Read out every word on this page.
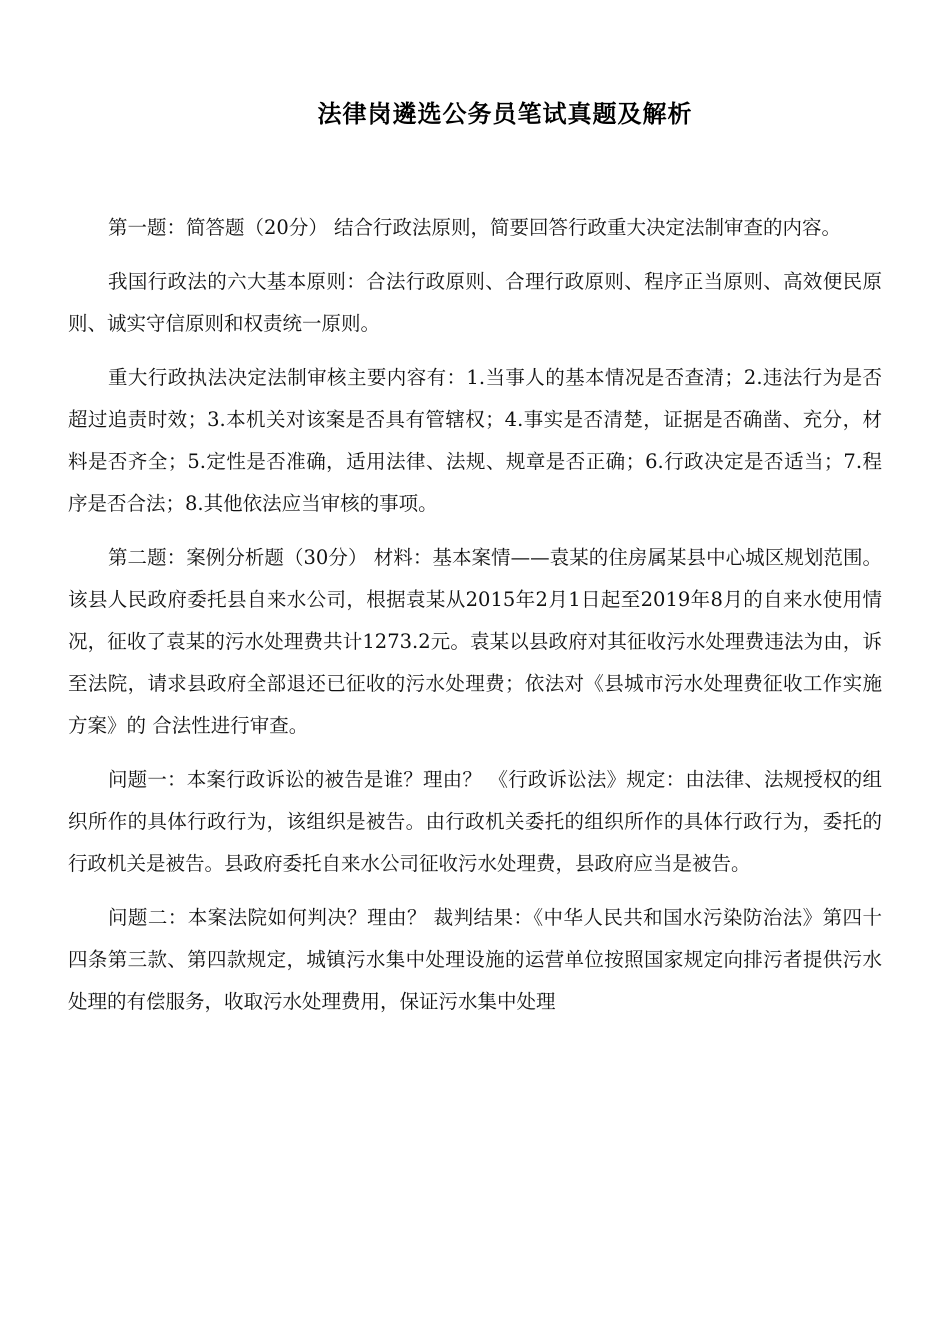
法律岗遴选公务员笔试真题及解析

第一题：简答题（20分） 结合行政法原则，简要回答行政重大决定法制审查的内容。

我国行政法的六大基本原则：合法行政原则、合理行政原则、程序正当原则、高效便民原则、诚实守信原则和权责统一原则。

重大行政执法决定法制审核主要内容有：1.当事人的基本情况是否查清；2.违法行为是否超过追责时效；3.本机关对该案是否具有管辖权；4.事实是否清楚，证据是否确凿、充分，材料是否齐全；5.定性是否准确，适用法律、法规、规章是否正确；6.行政决定是否适当；7.程序是否合法；8.其他依法应当审核的事项。

第二题：案例分析题（30分） 材料：基本案情——袁某的住房属某县中心城区规划范围。该县人民政府委托县自来水公司，根据袁某从2015年2月1日起至2019年8月的自来水使用情况，征收了袁某的污水处理费共计1273.2元。袁某以县政府对其征收污水处理费违法为由，诉至法院，请求县政府全部退还已征收的污水处理费；依法对《县城市污水处理费征收工作实施方案》的 合法性进行审查。

问题一：本案行政诉讼的被告是谁？理由？ 《行政诉讼法》规定：由法律、法规授权的组织所作的具体行政行为，该组织是被告。由行政机关委托的组织所作的具体行政行为，委托的行政机关是被告。县政府委托自来水公司征收污水处理费，县政府应当是被告。

问题二：本案法院如何判决？理由？ 裁判结果：《中华人民共和国水污染防治法》第四十四条第三款、第四款规定，城镇污水集中处理设施的运营单位按照国家规定向排污者提供污水处理的有偿服务，收取污水处理费用，保证污水集中处理
